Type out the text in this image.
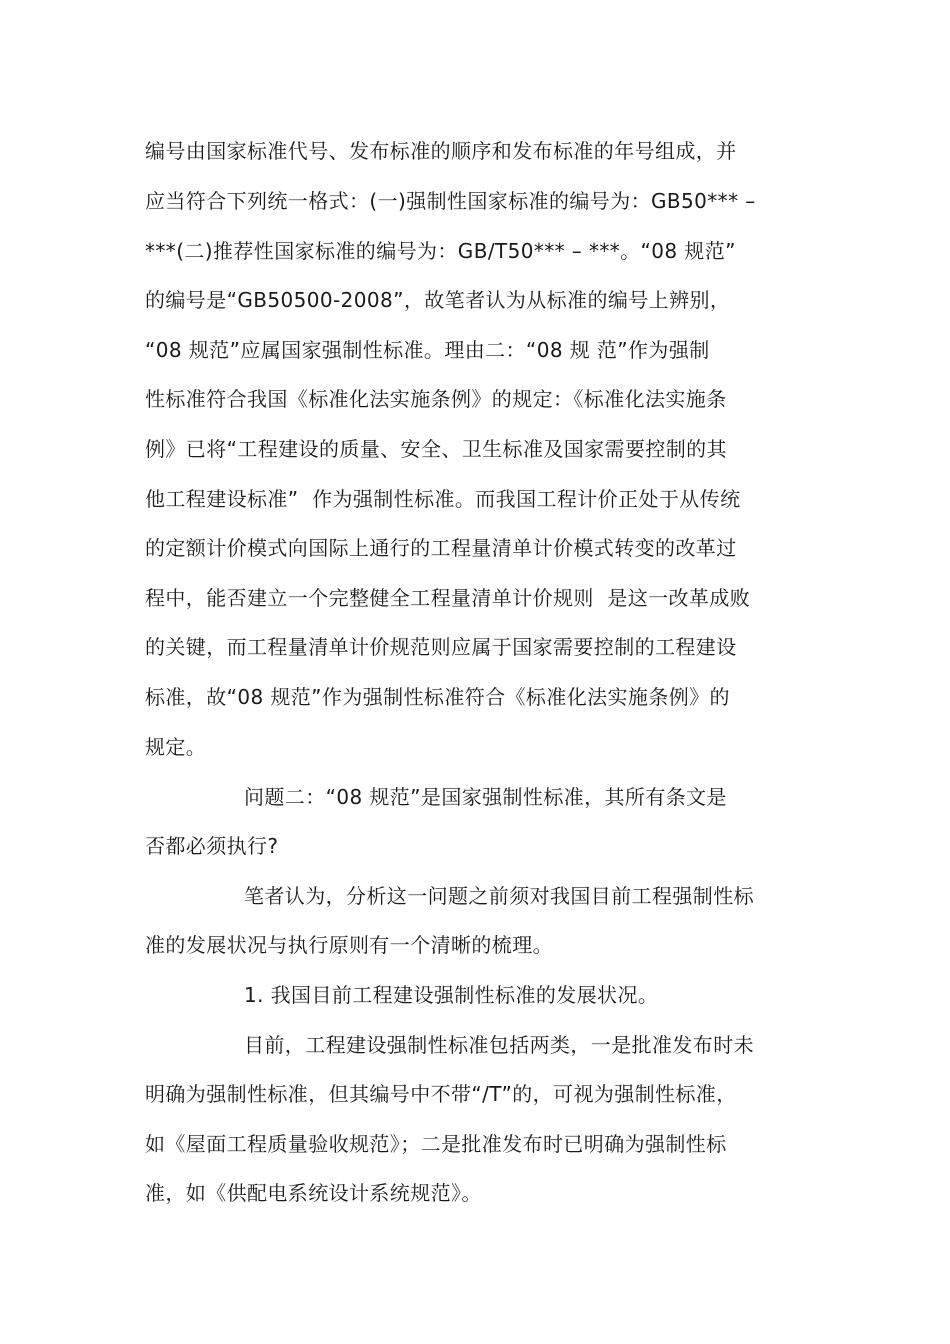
编号由国家标准代号、发布标准的顺序和发布标准的年号组成，并
应当符合下列统一格式：(一)强制性国家标准的编号为：GB50*** –
***(二)推荐性国家标准的编号为：GB/T50*** – ***。“08 规范”
的编号是“GB50500-2008”，故笔者认为从标准的编号上辨别，
“08 规范”应属国家强制性标准。理由二：“08 规 范”作为强制
性标准符合我国《标准化法实施条例》的规定：《标准化法实施条
例》已将“工程建设的质量、安全、卫生标准及国家需要控制的其
他工程建设标准”  作为强制性标准。而我国工程计价正处于从传统
的定额计价模式向国际上通行的工程量清单计价模式转变的改革过
程中，能否建立一个完整健全工程量清单计价规则  是这一改革成败
的关键，而工程量清单计价规范则应属于国家需要控制的工程建设
标准，故“08 规范”作为强制性标准符合《标准化法实施条例》的
规定。
问题二：“08 规范”是国家强制性标准，其所有条文是
否都必须执行?
笔者认为，分析这一问题之前须对我国目前工程强制性标
准的发展状况与执行原则有一个清晰的梳理。
1. 我国目前工程建设强制性标准的发展状况。
目前，工程建设强制性标准包括两类，一是批准发布时未
明确为强制性标准，但其编号中不带“/T”的，可视为强制性标准，
如《屋面工程质量验收规范》；二是批准发布时已明确为强制性标
准，如《供配电系统设计系统规范》。
